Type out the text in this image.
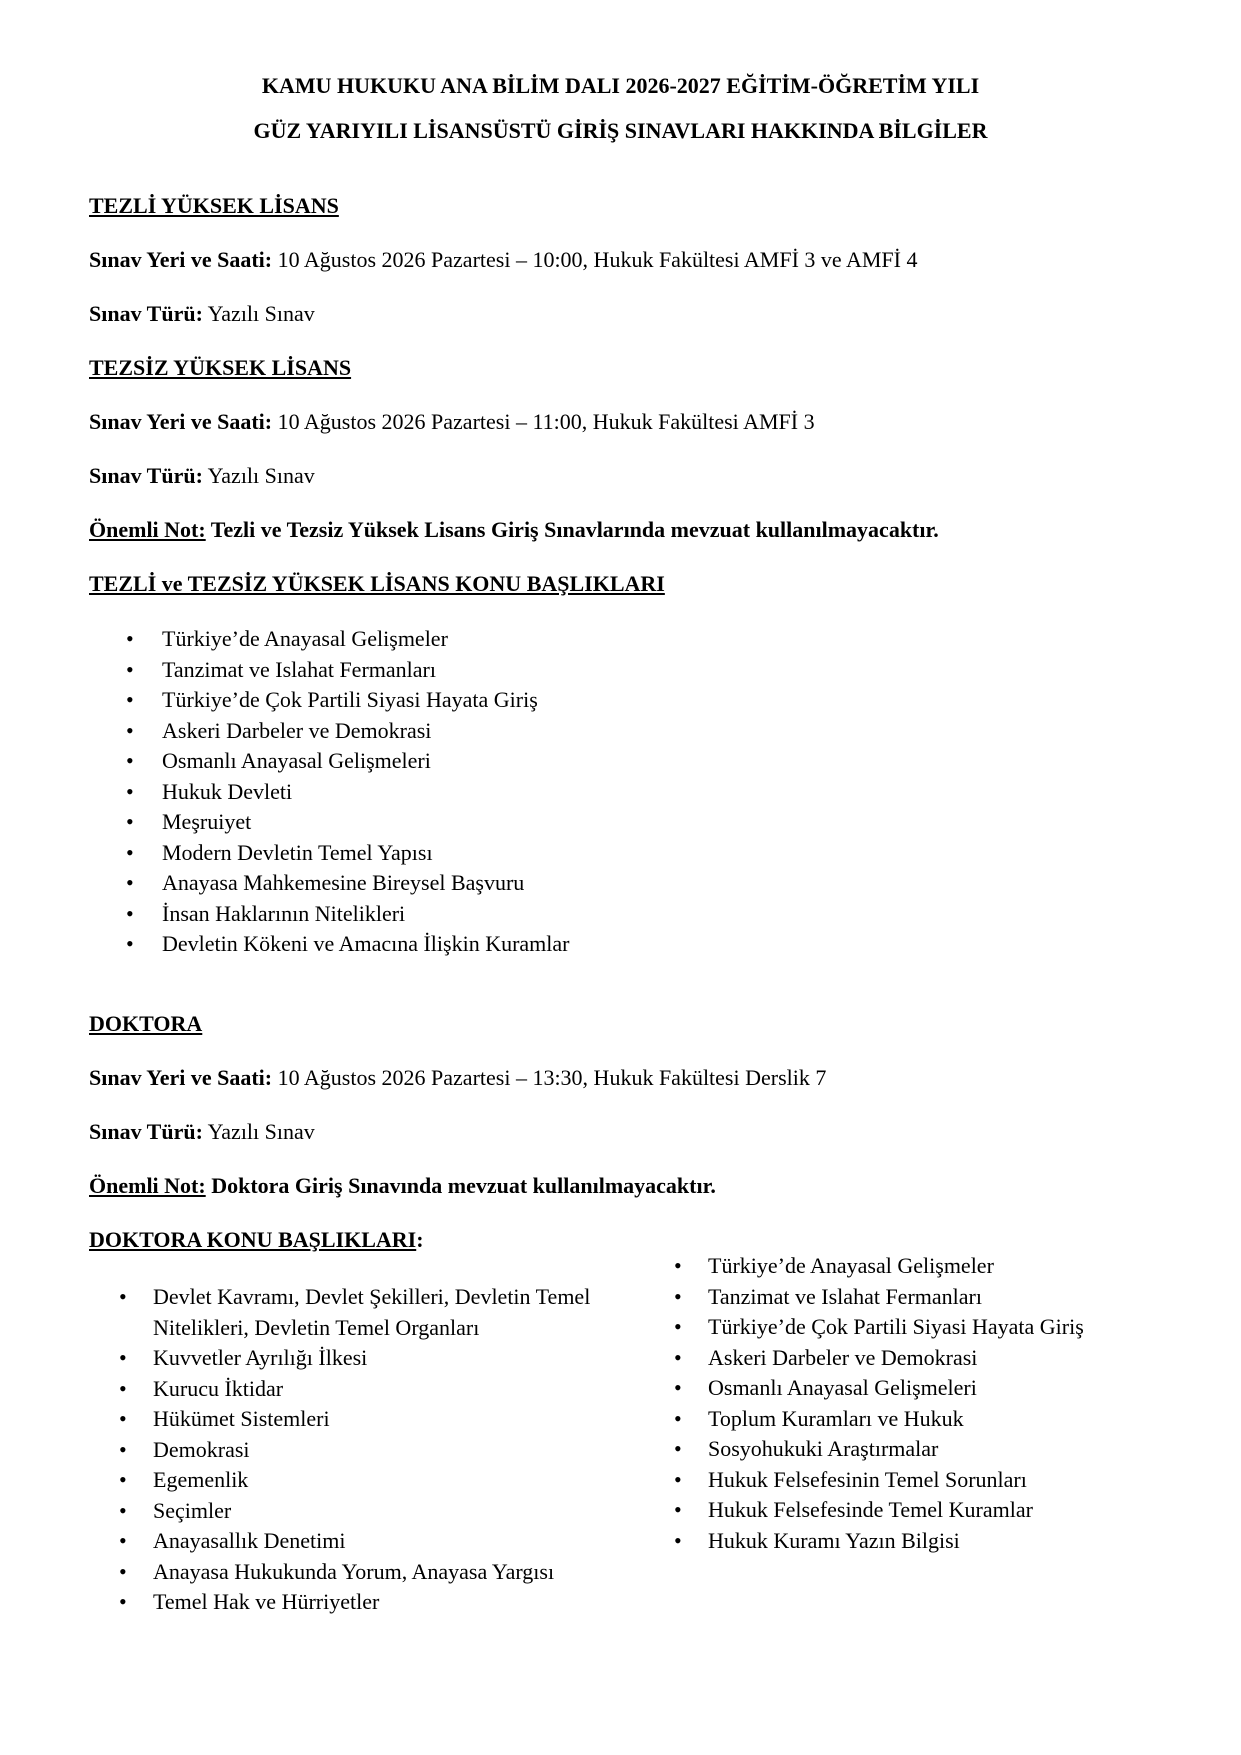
KAMU HUKUKU ANA BİLİM DALI 2026-2027 EĞİTİM-ÖĞRETİM YILI
GÜZ YARIYILI LİSANSÜSTÜ GİRİŞ SINAVLARI HAKKINDA BİLGİLER
TEZLİ YÜKSEK LİSANS
Sınav Yeri ve Saati: 10 Ağustos 2026 Pazartesi – 10:00, Hukuk Fakültesi AMFİ 3 ve AMFİ 4
Sınav Türü: Yazılı Sınav
TEZSİZ YÜKSEK LİSANS
Sınav Yeri ve Saati: 10 Ağustos 2026 Pazartesi – 11:00, Hukuk Fakültesi AMFİ 3
Sınav Türü: Yazılı Sınav
Önemli Not: Tezli ve Tezsiz Yüksek Lisans Giriş Sınavlarında mevzuat kullanılmayacaktır.
TEZLİ ve TEZSİZ YÜKSEK LİSANS KONU BAŞLIKLARI
• Türkiye’de Anayasal Gelişmeler
• Tanzimat ve Islahat Fermanları
• Türkiye’de Çok Partili Siyasi Hayata Giriş
• Askeri Darbeler ve Demokrasi
• Osmanlı Anayasal Gelişmeleri
• Hukuk Devleti
• Meşruiyet
• Modern Devletin Temel Yapısı
• Anayasa Mahkemesine Bireysel Başvuru
• İnsan Haklarının Nitelikleri
• Devletin Kökeni ve Amacına İlişkin Kuramlar
DOKTORA
Sınav Yeri ve Saati: 10 Ağustos 2026 Pazartesi – 13:30, Hukuk Fakültesi Derslik 7
Sınav Türü: Yazılı Sınav
Önemli Not: Doktora Giriş Sınavında mevzuat kullanılmayacaktır.
DOKTORA KONU BAŞLIKLARI:
• Devlet Kavramı, Devlet Şekilleri, Devletin Temel Nitelikleri, Devletin Temel Organları
• Kuvvetler Ayrılığı İlkesi
• Kurucu İktidar
• Hükümet Sistemleri
• Demokrasi
• Egemenlik
• Seçimler
• Anayasallık Denetimi
• Anayasa Hukukunda Yorum, Anayasa Yargısı
• Temel Hak ve Hürriyetler
• Türkiye’de Anayasal Gelişmeler
• Tanzimat ve Islahat Fermanları
• Türkiye’de Çok Partili Siyasi Hayata Giriş
• Askeri Darbeler ve Demokrasi
• Osmanlı Anayasal Gelişmeleri
• Toplum Kuramları ve Hukuk
• Sosyohukuki Araştırmalar
• Hukuk Felsefesinin Temel Sorunları
• Hukuk Felsefesinde Temel Kuramlar
• Hukuk Kuramı Yazın Bilgisi
